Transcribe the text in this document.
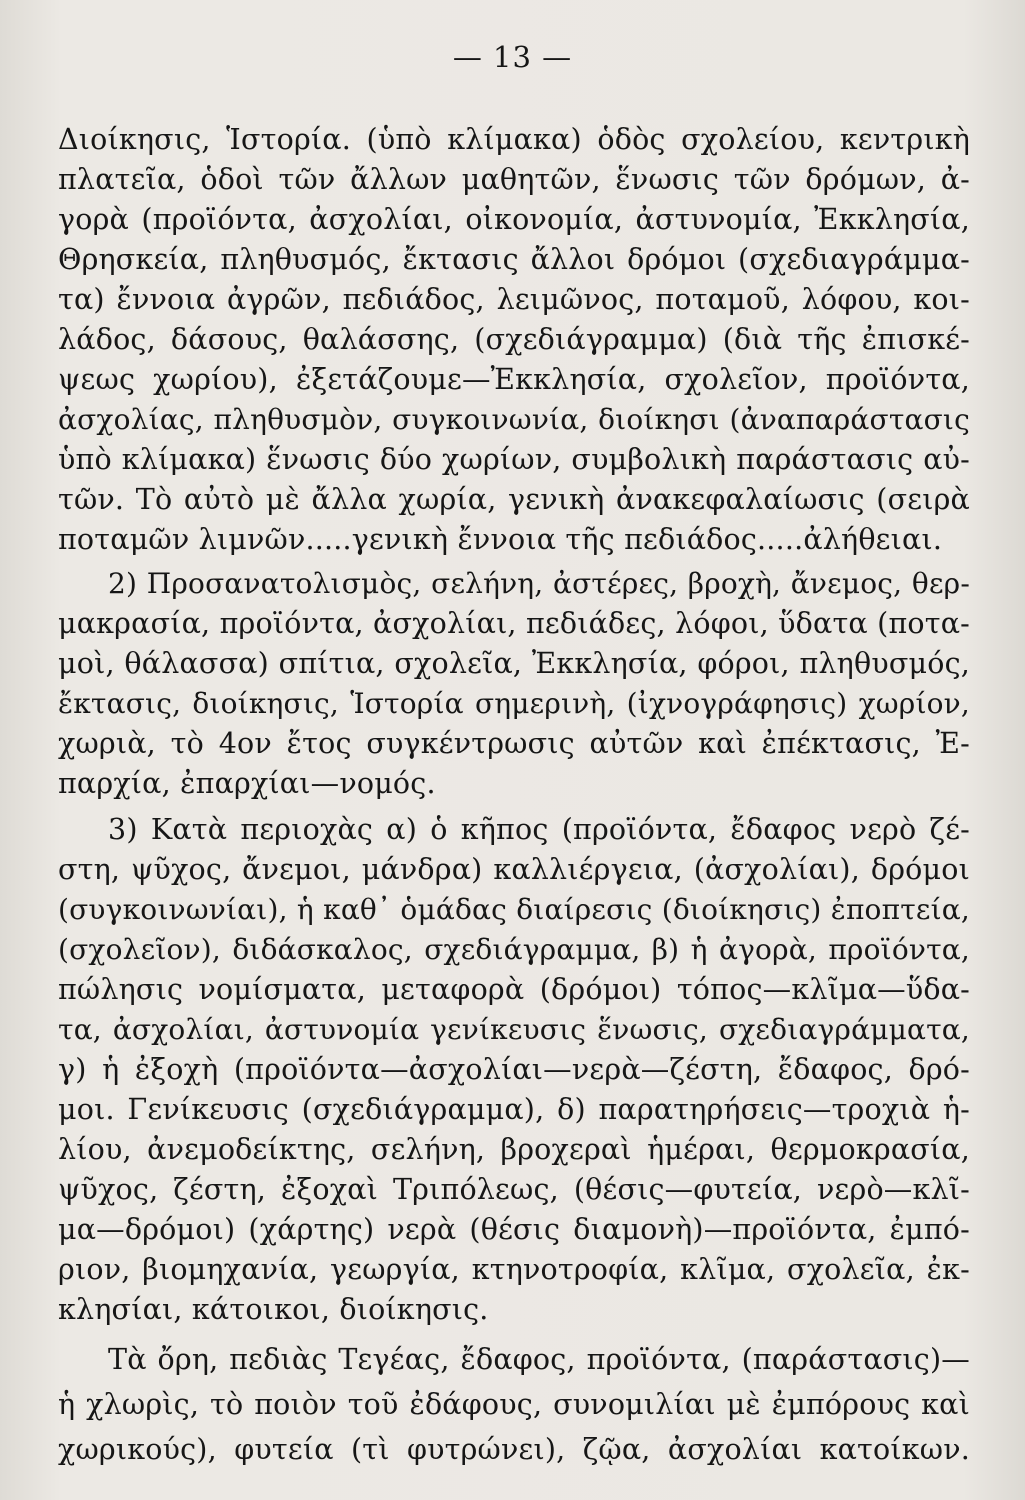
— 13 —
Διοίκησις, Ἱστορία. (ὑπὸ κλίμακα) ὁδὸς σχολείου, κεντρικὴ
πλατεῖα, ὁδοὶ τῶν ἄλλων μαθητῶν, ἕνωσις τῶν δρόμων, ἀ-
γορὰ (προϊόντα, ἀσχολίαι, οἰκονομία, ἀστυνομία, Ἐκκλησία,
Θρησκεία, πληθυσμός, ἔκτασις ἄλλοι δρόμοι (σχεδιαγράμμα-
τα) ἔννοια ἀγρῶν, πεδιάδος, λειμῶνος, ποταμοῦ, λόφου, κοι-
λάδος, δάσους, θαλάσσης, (σχεδιάγραμμα) (διὰ τῆς ἐπισκέ-
ψεως χωρίου), ἐξετάζουμε—Ἐκκλησία, σχολεῖον, προϊόντα,
ἀσχολίας, πληθυσμὸν, συγκοινωνία, διοίκησι (ἀναπαράστασις
ὑπὸ κλίμακα) ἕνωσις δύο χωρίων, συμβολικὴ παράστασις αὐ-
τῶν. Τὸ αὐτὸ μὲ ἄλλα χωρία, γενικὴ ἀνακεφαλαίωσις (σειρὰ
ποταμῶν λιμνῶν.....γενικὴ ἔννοια τῆς πεδιάδος.....ἀλήθειαι.
2) Προσανατολισμὸς, σελήνη, ἀστέρες, βροχὴ, ἄνεμος, θερ-
μακρασία, προϊόντα, ἀσχολίαι, πεδιάδες, λόφοι, ὕδατα (ποτα-
μοὶ, θάλασσα) σπίτια, σχολεῖα, Ἐκκλησία, φόροι, πληθυσμός,
ἔκτασις, διοίκησις, Ἱστορία σημερινὴ, (ἰχνογράφησις) χωρίον,
χωριὰ, τὸ 4ον ἔτος συγκέντρωσις αὐτῶν καὶ ἐπέκτασις, Ἐ-
παρχία, ἐπαρχίαι—νομός.
3) Κατὰ περιοχὰς α) ὁ κῆπος (προϊόντα, ἔδαφος νερὸ ζέ-
στη, ψῦχος, ἄνεμοι, μάνδρα) καλλιέργεια, (ἀσχολίαι), δρόμοι
(συγκοινωνίαι), ἡ καθ᾽ ὁμάδας διαίρεσις (διοίκησις) ἐποπτεία,
(σχολεῖον), διδάσκαλος, σχεδιάγραμμα, β) ἡ ἀγορὰ, προϊόντα,
πώλησις νομίσματα, μεταφορὰ (δρόμοι) τόπος—κλῖμα—ὕδα-
τα, ἀσχολίαι, ἀστυνομία γενίκευσις ἕνωσις, σχεδιαγράμματα,
γ) ἡ ἐξοχὴ (προϊόντα—ἀσχολίαι—νερὰ—ζέστη, ἔδαφος, δρό-
μοι. Γενίκευσις (σχεδιάγραμμα), δ) παρατηρήσεις—τροχιὰ ἡ-
λίου, ἀνεμοδείκτης, σελήνη, βροχεραὶ ἡμέραι, θερμοκρασία,
ψῦχος, ζέστη, ἐξοχαὶ Τριπόλεως, (θέσις—φυτεία, νερὸ—κλῖ-
μα—δρόμοι) (χάρτης) νερὰ (θέσις διαμονὴ)—προϊόντα, ἐμπό-
ριον, βιομηχανία, γεωργία, κτηνοτροφία, κλῖμα, σχολεῖα, ἐκ-
κλησίαι, κάτοικοι, διοίκησις.
Τὰ ὄρη, πεδιὰς Τεγέας, ἔδαφος, προϊόντα, (παράστασις)—
ἡ χλωρὶς, τὸ ποιὸν τοῦ ἐδάφους, συνομιλίαι μὲ ἐμπόρους καὶ
χωρικούς), φυτεία (τὶ φυτρώνει), ζῷα, ἀσχολίαι κατοίκων.
